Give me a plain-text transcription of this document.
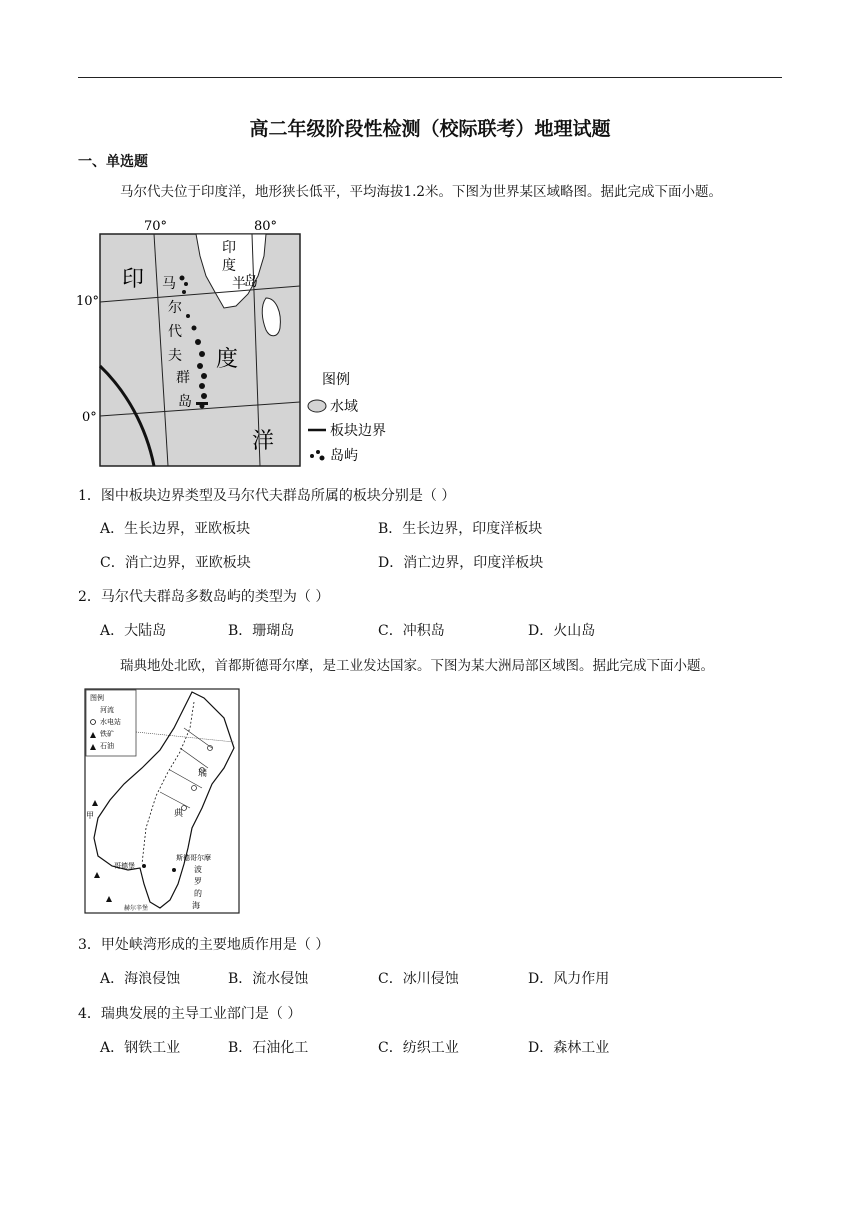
高二年级阶段性检测（校际联考）地理试题
一、单选题
马尔代夫位于印度洋，地形狭长低平，平均海拔1.2米。下图为世界某区域略图。据此完成下面小题。
70°	80°
10°
0°
印
度
半
岛
印
度
洋
马
尔
代
夫
群
岛
图例
水域
板块边界
岛屿
1．图中板块边界类型及马尔代夫群岛所属的板块分别是（ ）
A．生长边界，亚欧板块	B．生长边界，印度洋板块
C．消亡边界，亚欧板块	D．消亡边界，印度洋板块
2．马尔代夫群岛多数岛屿的类型为（ ）
A．大陆岛	B．珊瑚岛	C．冲积岛	D．火山岛
瑞典地处北欧，首都斯德哥尔摩，是工业发达国家。下图为某大洲局部区域图。据此完成下面小题。
图例
河流
水电站
铁矿
石油
甲
瑞
典
斯德哥尔摩
哥德堡	波
罗
的
海
赫尔辛堡
3．甲处峡湾形成的主要地质作用是（ ）
A．海浪侵蚀	B．流水侵蚀	C．冰川侵蚀	D．风力作用
4．瑞典发展的主导工业部门是（ ）
A．钢铁工业	B．石油化工	C．纺织工业	D．森林工业
